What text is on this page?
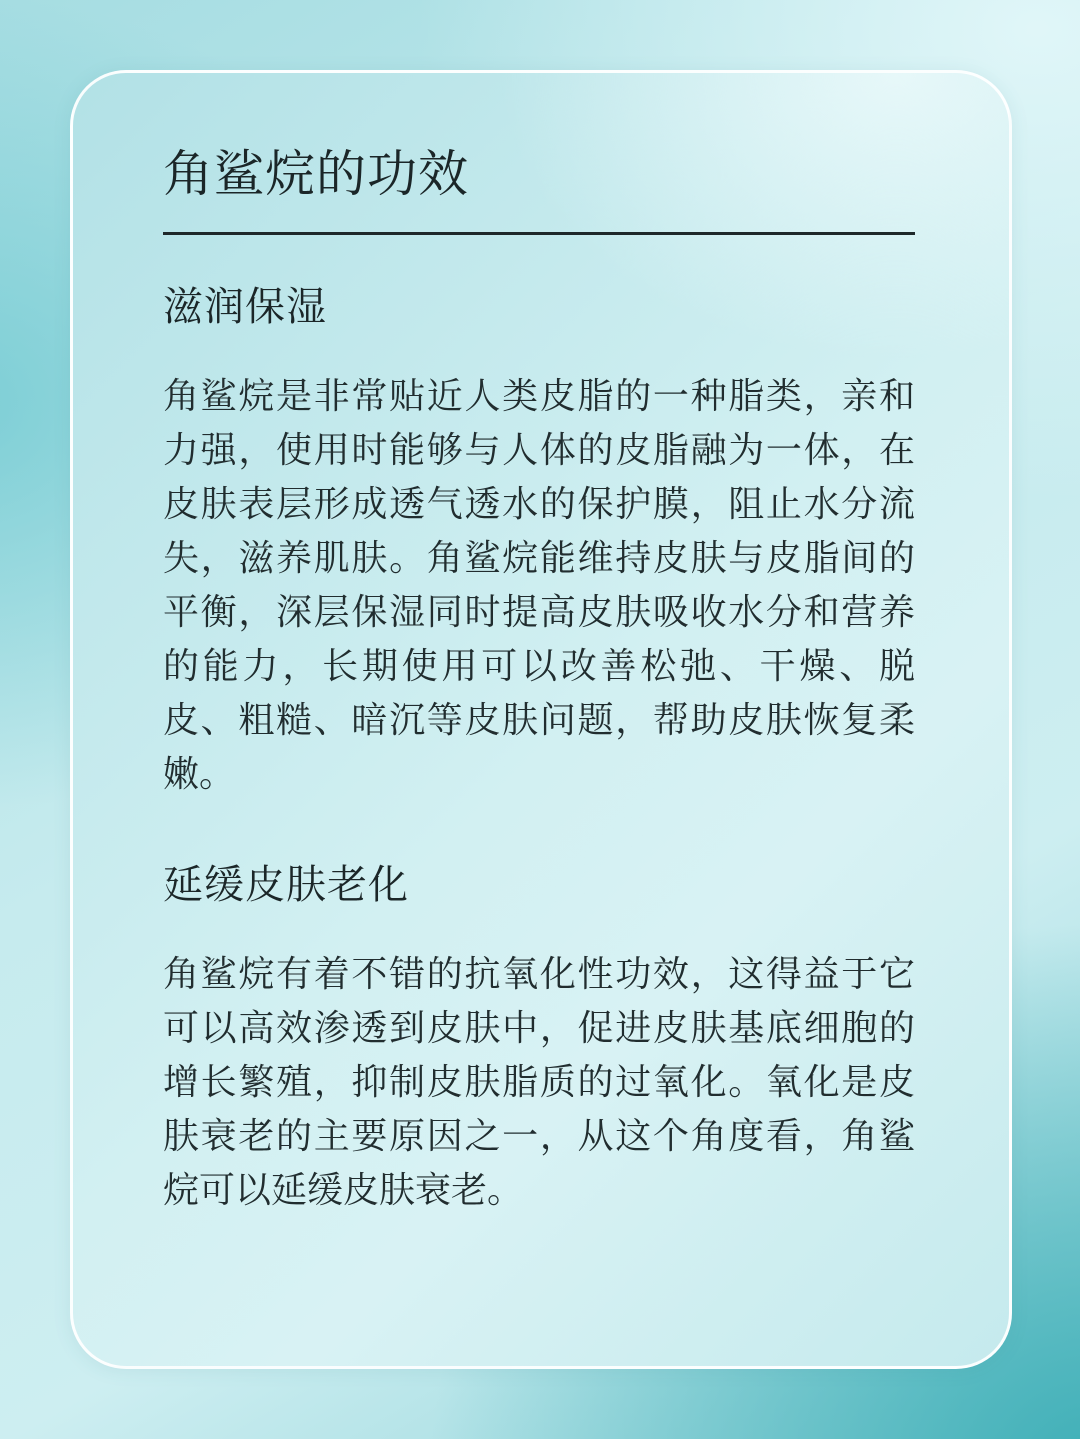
角鲨烷的功效
滋润保湿

角鲨烷是非常贴近人类皮脂的一种脂类，亲和力强，使用时能够与人体的皮脂融为一体，在皮肤表层形成透气透水的保护膜，阻止水分流失，滋养肌肤。角鲨烷能维持皮肤与皮脂间的平衡，深层保湿同时提高皮肤吸收水分和营养的能力，长期使用可以改善松弛、干燥、脱皮、粗糙、暗沉等皮肤问题，帮助皮肤恢复柔嫩。

延缓皮肤老化

角鲨烷有着不错的抗氧化性功效，这得益于它可以高效渗透到皮肤中，促进皮肤基底细胞的增长繁殖，抑制皮肤脂质的过氧化。氧化是皮肤衰老的主要原因之一，从这个角度看，角鲨烷可以延缓皮肤衰老。
